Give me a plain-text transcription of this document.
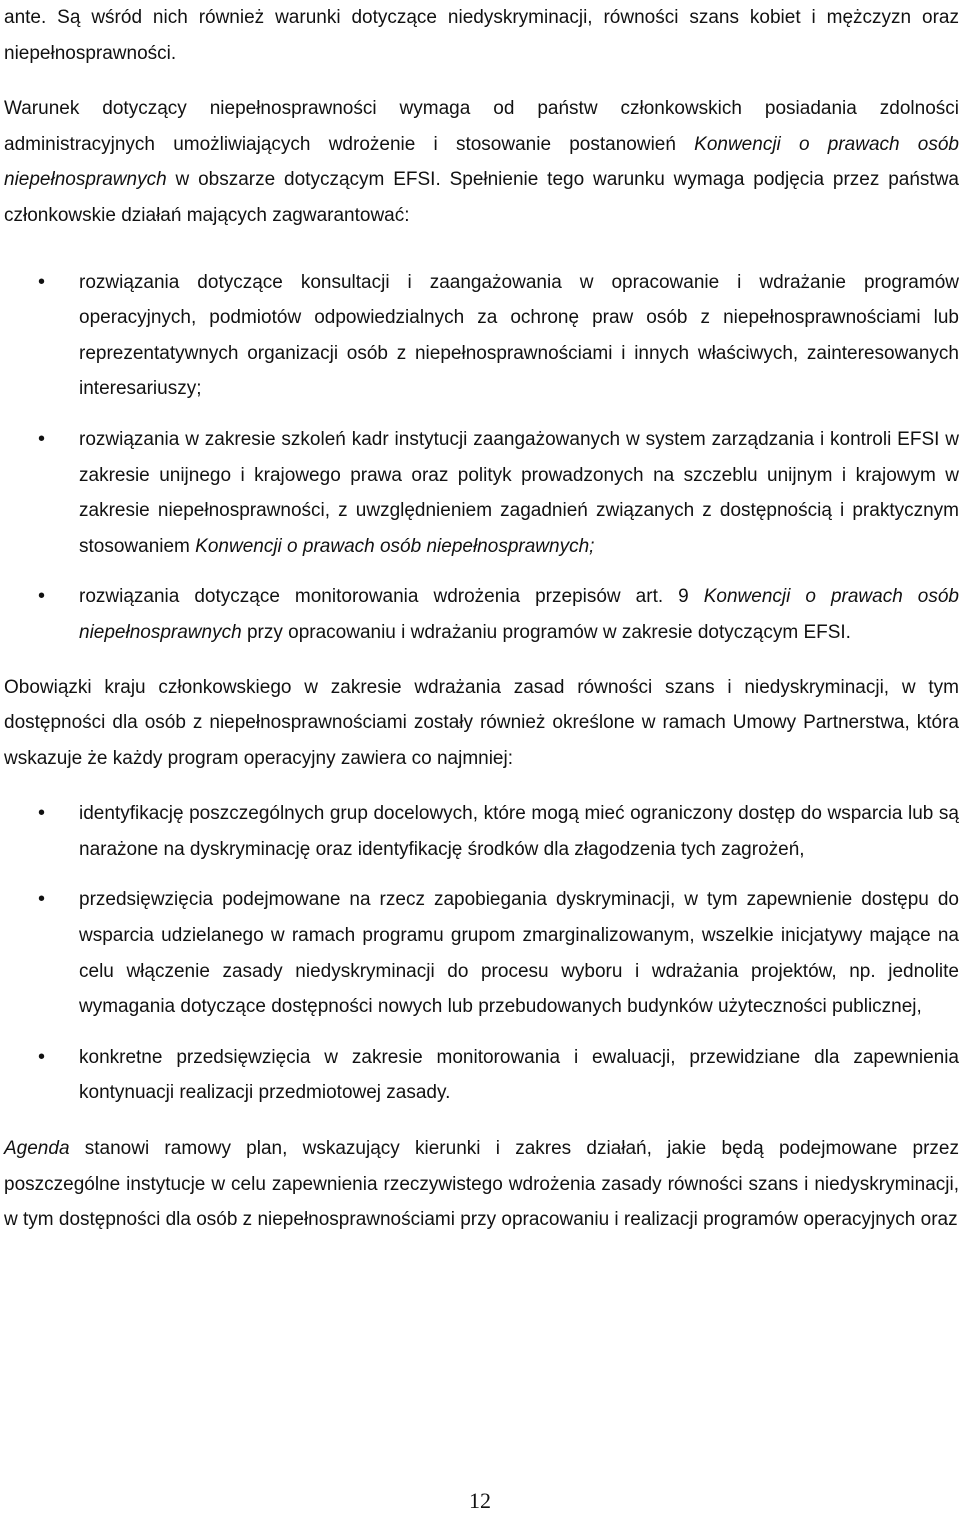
ante. Są wśród nich również warunki dotyczące niedyskryminacji, równości szans kobiet i mężczyzn oraz niepełnosprawności.

Warunek dotyczący niepełnosprawności wymaga od państw członkowskich posiadania zdolności administracyjnych umożliwiających wdrożenie i stosowanie postanowień Konwencji o prawach osób niepełnosprawnych w obszarze dotyczącym EFSI. Spełnienie tego warunku wymaga podjęcia przez państwa członkowskie działań mających zagwarantować:

•	rozwiązania dotyczące konsultacji i zaangażowania w opracowanie i wdrażanie programów operacyjnych, podmiotów odpowiedzialnych za ochronę praw osób z niepełnosprawnościami lub reprezentatywnych organizacji osób z niepełnosprawnościami i innych właściwych, zainteresowanych interesariuszy;
•	rozwiązania w zakresie szkoleń kadr instytucji zaangażowanych w system zarządzania i kontroli EFSI w zakresie unijnego i krajowego prawa oraz polityk prowadzonych na szczeblu unijnym i krajowym w zakresie niepełnosprawności, z uwzględnieniem zagadnień związanych z dostępnością i praktycznym stosowaniem Konwencji o prawach osób niepełnosprawnych;
•	rozwiązania dotyczące monitorowania wdrożenia przepisów art. 9 Konwencji o prawach osób niepełnosprawnych przy opracowaniu i wdrażaniu programów w zakresie dotyczącym EFSI.

Obowiązki kraju członkowskiego w zakresie wdrażania zasad równości szans i niedyskryminacji, w tym dostępności dla osób z niepełnosprawnościami zostały również określone w ramach Umowy Partnerstwa, która wskazuje że każdy program operacyjny zawiera co najmniej:

•	identyfikację poszczególnych grup docelowych, które mogą mieć ograniczony dostęp do wsparcia lub są narażone na dyskryminację oraz identyfikację środków dla złagodzenia tych zagrożeń,
•	przedsięwzięcia podejmowane na rzecz zapobiegania dyskryminacji, w tym zapewnienie dostępu do wsparcia udzielanego w ramach programu grupom zmarginalizowanym, wszelkie inicjatywy mające na celu włączenie zasady niedyskryminacji do procesu wyboru i wdrażania projektów, np. jednolite wymagania dotyczące dostępności nowych lub przebudowanych budynków użyteczności publicznej,
•	konkretne przedsięwzięcia w zakresie monitorowania i ewaluacji, przewidziane dla zapewnienia kontynuacji realizacji przedmiotowej zasady.

Agenda stanowi ramowy plan, wskazujący kierunki i zakres działań, jakie będą podejmowane przez poszczególne instytucje w celu zapewnienia rzeczywistego wdrożenia zasady równości szans i niedyskryminacji, w tym dostępności dla osób z niepełnosprawnościami przy opracowaniu i realizacji programów operacyjnych oraz

12
